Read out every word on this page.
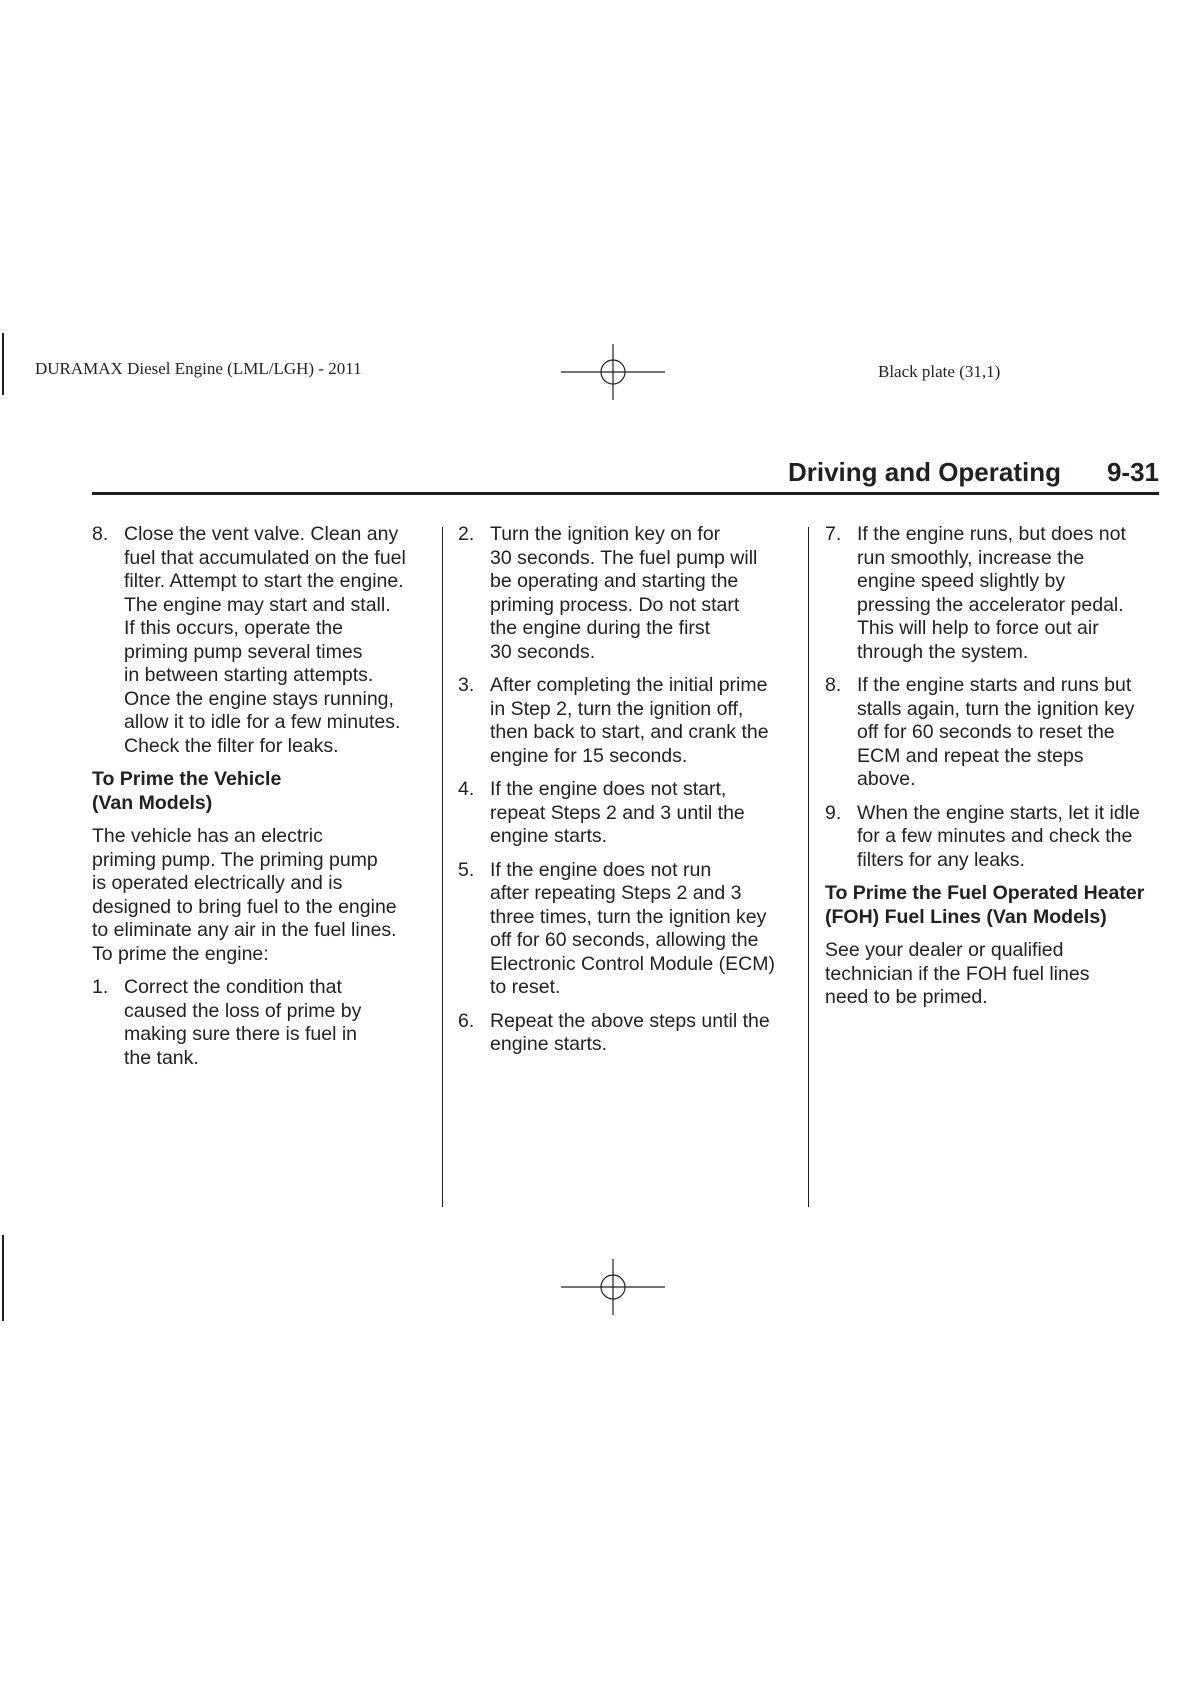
DURAMAX Diesel Engine (LML/LGH) - 2011	Black plate (31,1)
Driving and Operating 9-31
8. Close the vent valve. Clean any
fuel that accumulated on the fuel
filter. Attempt to start the engine.
The engine may start and stall.
If this occurs, operate the
priming pump several times
in between starting attempts.
Once the engine stays running,
allow it to idle for a few minutes.
Check the filter for leaks.
To Prime the Vehicle
(Van Models)
The vehicle has an electric
priming pump. The priming pump
is operated electrically and is
designed to bring fuel to the engine
to eliminate any air in the fuel lines.
To prime the engine:
1. Correct the condition that
caused the loss of prime by
making sure there is fuel in
the tank.
2. Turn the ignition key on for
30 seconds. The fuel pump will
be operating and starting the
priming process. Do not start
the engine during the first
30 seconds.
3. After completing the initial prime
in Step 2, turn the ignition off,
then back to start, and crank the
engine for 15 seconds.
4. If the engine does not start,
repeat Steps 2 and 3 until the
engine starts.
5. If the engine does not run
after repeating Steps 2 and 3
three times, turn the ignition key
off for 60 seconds, allowing the
Electronic Control Module (ECM)
to reset.
6. Repeat the above steps until the
engine starts.
7. If the engine runs, but does not
run smoothly, increase the
engine speed slightly by
pressing the accelerator pedal.
This will help to force out air
through the system.
8. If the engine starts and runs but
stalls again, turn the ignition key
off for 60 seconds to reset the
ECM and repeat the steps
above.
9. When the engine starts, let it idle
for a few minutes and check the
filters for any leaks.
To Prime the Fuel Operated Heater
(FOH) Fuel Lines (Van Models)
See your dealer or qualified
technician if the FOH fuel lines
need to be primed.
